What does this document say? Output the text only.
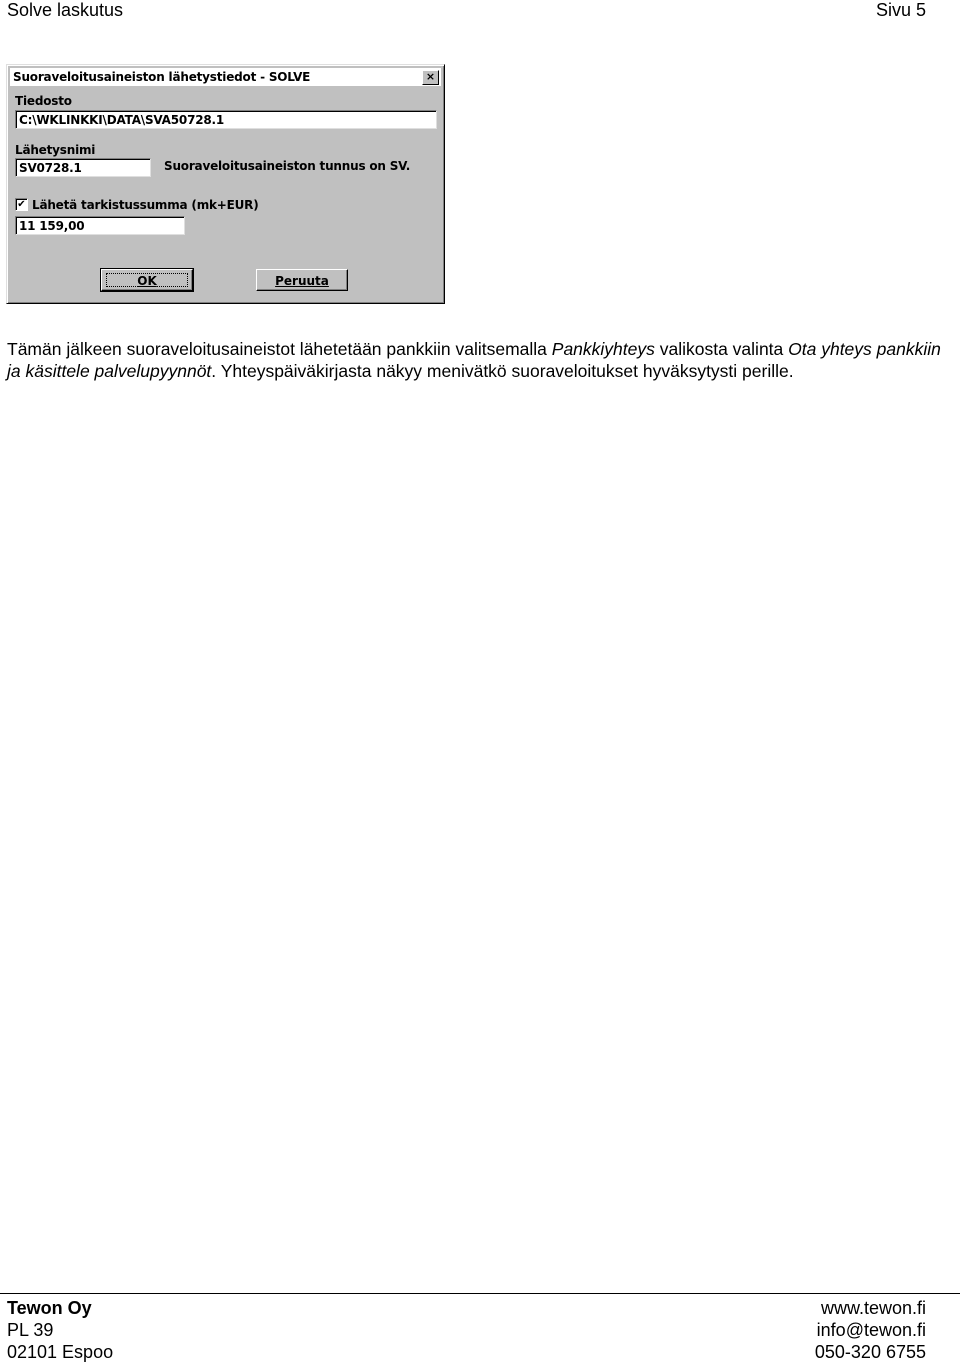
Solve laskutus	Sivu 5
Suoraveloitusaineiston lähetystiedot - SOLVE	×
Tiedosto
C:\WKLINKKI\DATA\SVA50728.1
Lähetysnimi
SV0728.1	Suoraveloitusaineiston tunnus on SV.
✔ Lähetä tarkistussumma (mk+EUR)
11 159,00
OK	Peruuta
Tämän jälkeen suoraveloitusaineistot lähetetään pankkiin valitsemalla Pankkiyhteys valikosta valinta Ota yhteys pankkiin ja käsittele palvelupyynnöt. Yhteyspäiväkirjasta näkyy menivätkö suoraveloitukset hyväksytysti perille.
Tewon Oy
PL 39
02101 Espoo
www.tewon.fi
info@tewon.fi
050-320 6755
